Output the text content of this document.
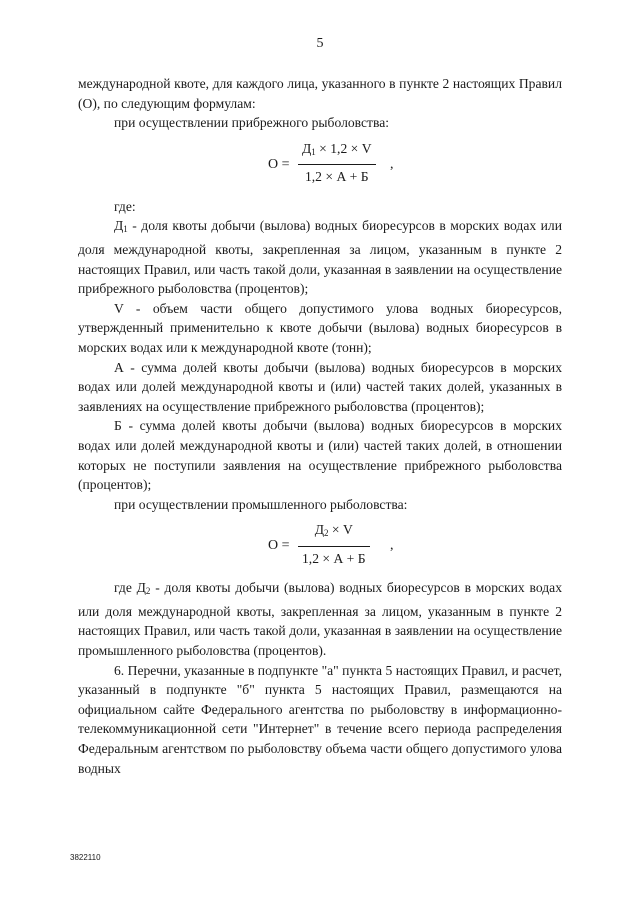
5

международной квоте, для каждого лица, указанного в пункте 2 настоящих Правил (О), по следующим формулам:

при осуществлении прибрежного рыболовства:

О =
$Д_1 \times 1,2 \times V$
1,2 × А + Б
,

где:

$Д_1$ - доля квоты добычи (вылова) водных биоресурсов в морских водах или доля международной квоты, закрепленная за лицом, указанным в пункте 2 настоящих Правил, или часть такой доли, указанная в заявлении на осуществление прибрежного рыболовства (процентов);

V - объем части общего допустимого улова водных биоресурсов, утвержденный применительно к квоте добычи (вылова) водных биоресурсов в морских водах или к международной квоте (тонн);

А - сумма долей квоты добычи (вылова) водных биоресурсов в морских водах или долей международной квоты и (или) частей таких долей, указанных в заявлениях на осуществление прибрежного рыболовства (процентов);

Б - сумма долей квоты добычи (вылова) водных биоресурсов в морских водах или долей международной квоты и (или) частей таких долей, в отношении которых не поступили заявления на осуществление прибрежного рыболовства (процентов);

при осуществлении промышленного рыболовства:

О =
$Д_2 \times V$
1,2 × А + Б
,

где $Д_2$ - доля квоты добычи (вылова) водных биоресурсов в морских водах или доля международной квоты, закрепленная за лицом, указанным в пункте 2 настоящих Правил, или часть такой доли, указанная в заявлении на осуществление промышленного рыболовства (процентов).

6. Перечни, указанные в подпункте "а" пункта 5 настоящих Правил, и расчет, указанный в подпункте "б" пункта 5 настоящих Правил, размещаются на официальном сайте Федерального агентства по рыболовству в информационно-телекоммуникационной сети "Интернет" в течение всего периода распределения Федеральным агентством по рыболовству объема части общего допустимого улова водных

3822110
